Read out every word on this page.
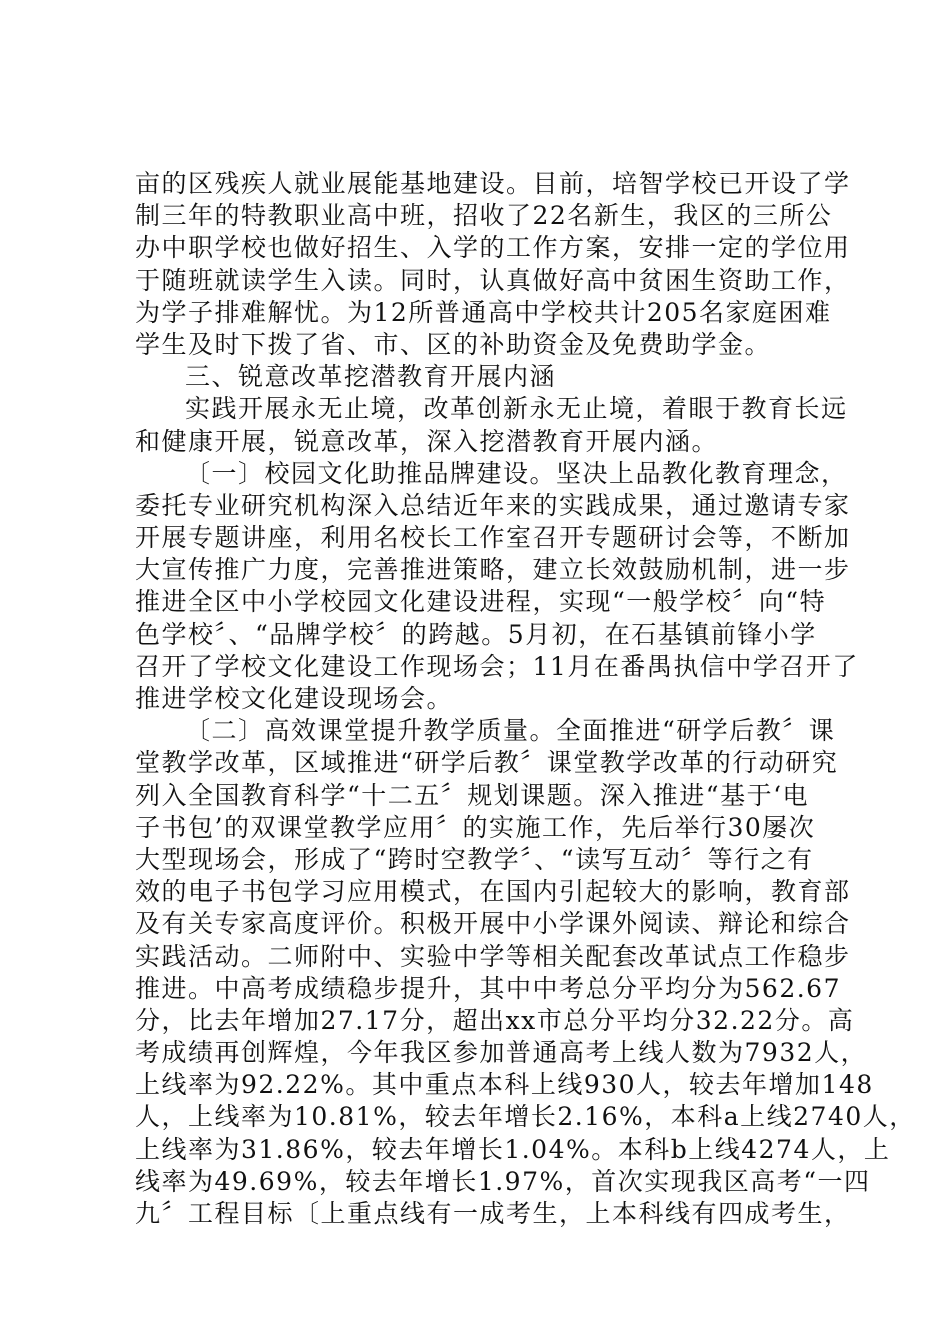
亩的区残疾人就业展能基地建设。目前，培智学校已开设了学
制三年的特教职业高中班，招收了22名新生，我区的三所公
办中职学校也做好招生、入学的工作方案，安排一定的学位用
于随班就读学生入读。同时，认真做好高中贫困生资助工作，
为学子排难解忧。为12所普通高中学校共计205名家庭困难
学生及时下拨了省、市、区的补助资金及免费助学金。
三、锐意改革挖潜教育开展内涵
实践开展永无止境，改革创新永无止境，着眼于教育长远
和健康开展，锐意改革，深入挖潜教育开展内涵。
〔一〕校园文化助推品牌建设。坚决上品教化教育理念，
委托专业研究机构深入总结近年来的实践成果，通过邀请专家
开展专题讲座，利用名校长工作室召开专题研讨会等，不断加
大宣传推广力度，完善推进策略，建立长效鼓励机制，进一步
推进全区中小学校园文化建设进程，实现“一般学校〞向“特
色学校〞、“品牌学校〞的跨越。5月初，在石基镇前锋小学
召开了学校文化建设工作现场会；11月在番禺执信中学召开了
推进学校文化建设现场会。
〔二〕高效课堂提升教学质量。全面推进“研学后教〞课
堂教学改革，区域推进“研学后教〞课堂教学改革的行动研究
列入全国教育科学“十二五〞规划课题。深入推进“基于‘电
子书包’的双课堂教学应用〞的实施工作，先后举行30屡次
大型现场会，形成了“跨时空教学〞、“读写互动〞等行之有
效的电子书包学习应用模式，在国内引起较大的影响，教育部
及有关专家高度评价。积极开展中小学课外阅读、辩论和综合
实践活动。二师附中、实验中学等相关配套改革试点工作稳步
推进。中高考成绩稳步提升，其中中考总分平均分为562.67
分，比去年增加27.17分，超出xx市总分平均分32.22分。高
考成绩再创辉煌，今年我区参加普通高考上线人数为7932人，
上线率为92.22%。其中重点本科上线930人，较去年增加148
人，上线率为10.81%，较去年增长2.16%，本科a上线2740人，
上线率为31.86%，较去年增长1.04%。本科b上线4274人，上
线率为49.69%，较去年增长1.97%，首次实现我区高考“一四
九〞工程目标〔上重点线有一成考生，上本科线有四成考生，
